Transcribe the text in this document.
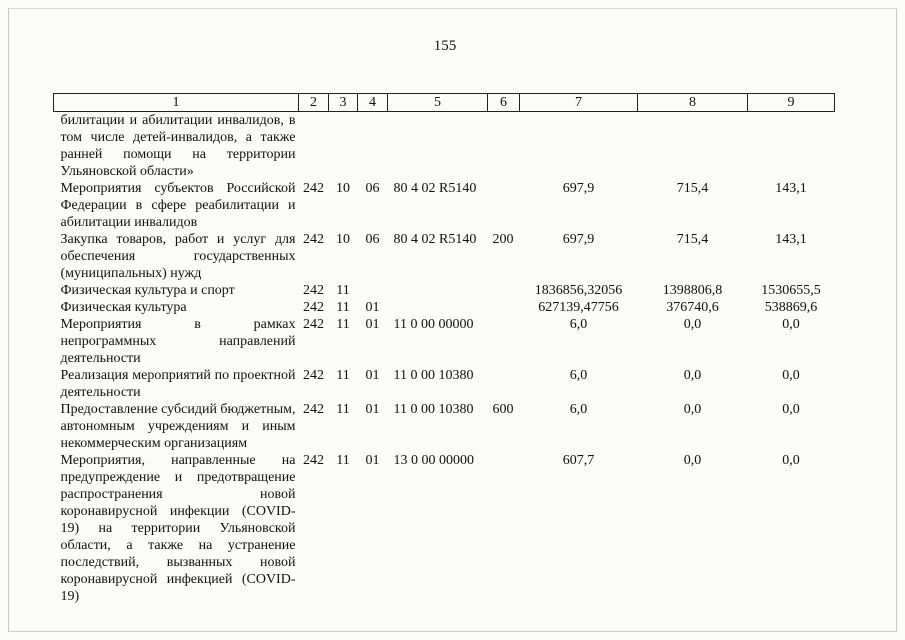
155
1	2	3	4	5	6	7	8	9
билитации и абилитации инвалидов, в том числе детей-инвалидов, а также ранней помощи на территории Ульяновской области»								
Мероприятия субъектов Российской Федерации в сфере реабилитации и абилитации инвалидов	242	10	06	80 4 02 R5140		697,9	715,4	143,1
Закупка товаров, работ и услуг для обеспечения государственных (муниципальных) нужд	242	10	06	80 4 02 R5140	200	697,9	715,4	143,1
Физическая культура и спорт	242	11				1836856,32056	1398806,8	1530655,5
Физическая культура	242	11	01			627139,47756	376740,6	538869,6
Мероприятия в рамках непрограммных направлений деятельности	242	11	01	11 0 00 00000		6,0	0,0	0,0
Реализация мероприятий по проектной деятельности	242	11	01	11 0 00 10380		6,0	0,0	0,0
Предоставление субсидий бюджетным, автономным учреждениям и иным некоммерческим организациям	242	11	01	11 0 00 10380	600	6,0	0,0	0,0
Мероприятия, направленные на предупреждение и предотвращение распространения новой коронавирусной инфекции (COVID-19) на территории Ульяновской области, а также на устранение последствий, вызванных новой коронавирусной инфекцией (COVID-19)	242	11	01	13 0 00 00000		607,7	0,0	0,0
